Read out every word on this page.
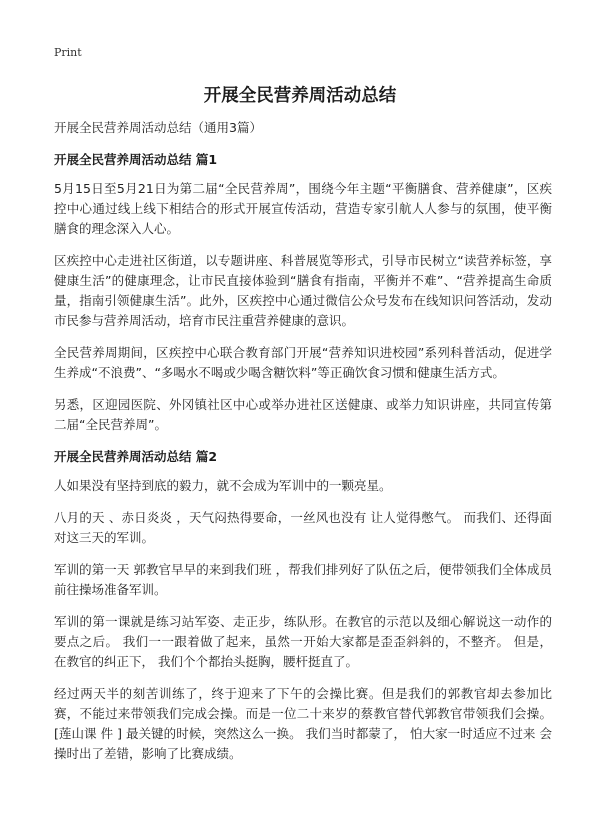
Print
开展全民营养周活动总结

开展全民营养周活动总结（通用3篇）

开展全民营养周活动总结 篇1

5月15日至5月21日为第二届“全民营养周”，围绕今年主题“平衡膳食、营养健康”，区疾控中心通过线上线下相结合的形式开展宣传活动，营造专家引航人人参与的氛围，使平衡膳食的理念深入人心。

区疾控中心走进社区街道，以专题讲座、科普展览等形式，引导市民树立“读营养标签，享健康生活”的健康理念，让市民直接体验到“膳食有指南，平衡并不难”、“营养提高生命质量，指南引领健康生活”。此外，区疾控中心通过微信公众号发布在线知识问答活动，发动市民参与营养周活动，培育市民注重营养健康的意识。

全民营养周期间，区疾控中心联合教育部门开展“营养知识进校园”系列科普活动，促进学生养成“不浪费”、“多喝水不喝或少喝含糖饮料”等正确饮食习惯和健康生活方式。

另悉，区迎园医院、外冈镇社区中心或举办进社区送健康、或举力知识讲座，共同宣传第二届“全民营养周”。

开展全民营养周活动总结 篇2

人如果没有坚持到底的毅力，就不会成为军训中的一颗亮星。

八月的天 、赤日炎炎 ，天气闷热得要命，一丝风也没有 让人觉得憋气。 而我们、还得面对这三天的军训。

军训的第一天 郭教官早早的来到我们班 ，帮我们排列好了队伍之后，便带领我们全体成员前往操场准备军训。

军训的第一课就是练习站军姿、走正步，练队形。在教官的示范以及细心解说这一动作的要点之后。 我们一一跟着做了起来，虽然一开始大家都是歪歪斜斜的，不整齐。 但是， 在教官的纠正下， 我们个个都抬头挺胸，腰杆挺直了。

经过两天半的刻苦训练了，终于迎来了下午的会操比赛。但是我们的郭教官却去参加比赛，不能过来带领我们完成会操。而是一位二十来岁的蔡教官替代郭教官带领我们会操。 [莲山课 件 ] 最关键的时候，突然这么一换。 我们当时都蒙了， 怕大家一时适应不过来 会操时出了差错，影响了比赛成绩。
